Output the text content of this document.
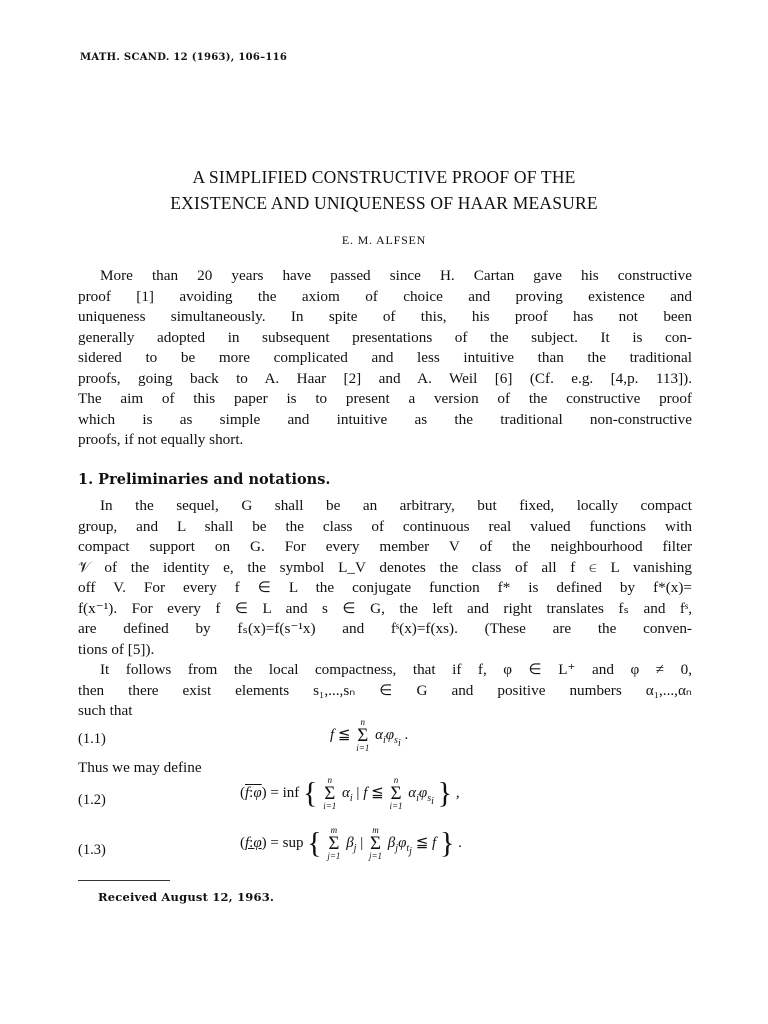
MATH. SCAND. 12 (1963), 106–116
A SIMPLIFIED CONSTRUCTIVE PROOF OF THE
EXISTENCE AND UNIQUENESS OF HAAR MEASURE
E. M. ALFSEN
More than 20 years have passed since H. Cartan gave his constructive
proof [1] avoiding the axiom of choice and proving existence and
uniqueness simultaneously. In spite of this, his proof has not been
generally adopted in subsequent presentations of the subject. It is con-
sidered to be more complicated and less intuitive than the traditional
proofs, going back to A. Haar [2] and A. Weil [6] (Cf. e.g. [4,p. 113]).
The aim of this paper is to present a version of the constructive proof
which is as simple and intuitive as the traditional non-constructive
proofs, if not equally short.
1. Preliminaries and notations.
In the sequel, G shall be an arbitrary, but fixed, locally compact
group, and L shall be the class of continuous real valued functions with
compact support on G. For every member V of the neighbourhood filter
𝒱 of the identity e, the symbol L_V denotes the class of all f ∈ L vanishing
off V. For every f ∈ L the conjugate function f* is defined by f*(x)=
f(x⁻¹). For every f ∈ L and s ∈ G, the left and right translates fₛ and fˢ,
are defined by fₛ(x)=f(s⁻¹x) and fˢ(x)=f(xs). (These are the conven-
tions of [5]).
It follows from the local compactness, that if f, φ ∈ L⁺ and φ ≠ 0,
then there exist elements s₁,...,sₙ ∈ G and positive numbers α₁,...,αₙ
such that
(1.1)	f ≦
n
Σ
i=1
$\alpha_i\varphi_{s_i}$ .
Thus we may define
(1.2)	(f:φ) = inf {	n
Σ
i=1
$\alpha_i$ | f ≦
n
Σ
i=1
$\alpha_i\varphi_{s_i}$ } ,
(1.3)	(f:φ) = sup {	m
Σ
j=1
$\beta_j$ |
m
Σ
j=1
$\beta_j\varphi_{t_j}$ ≦ f } .
Received August 12, 1963.
